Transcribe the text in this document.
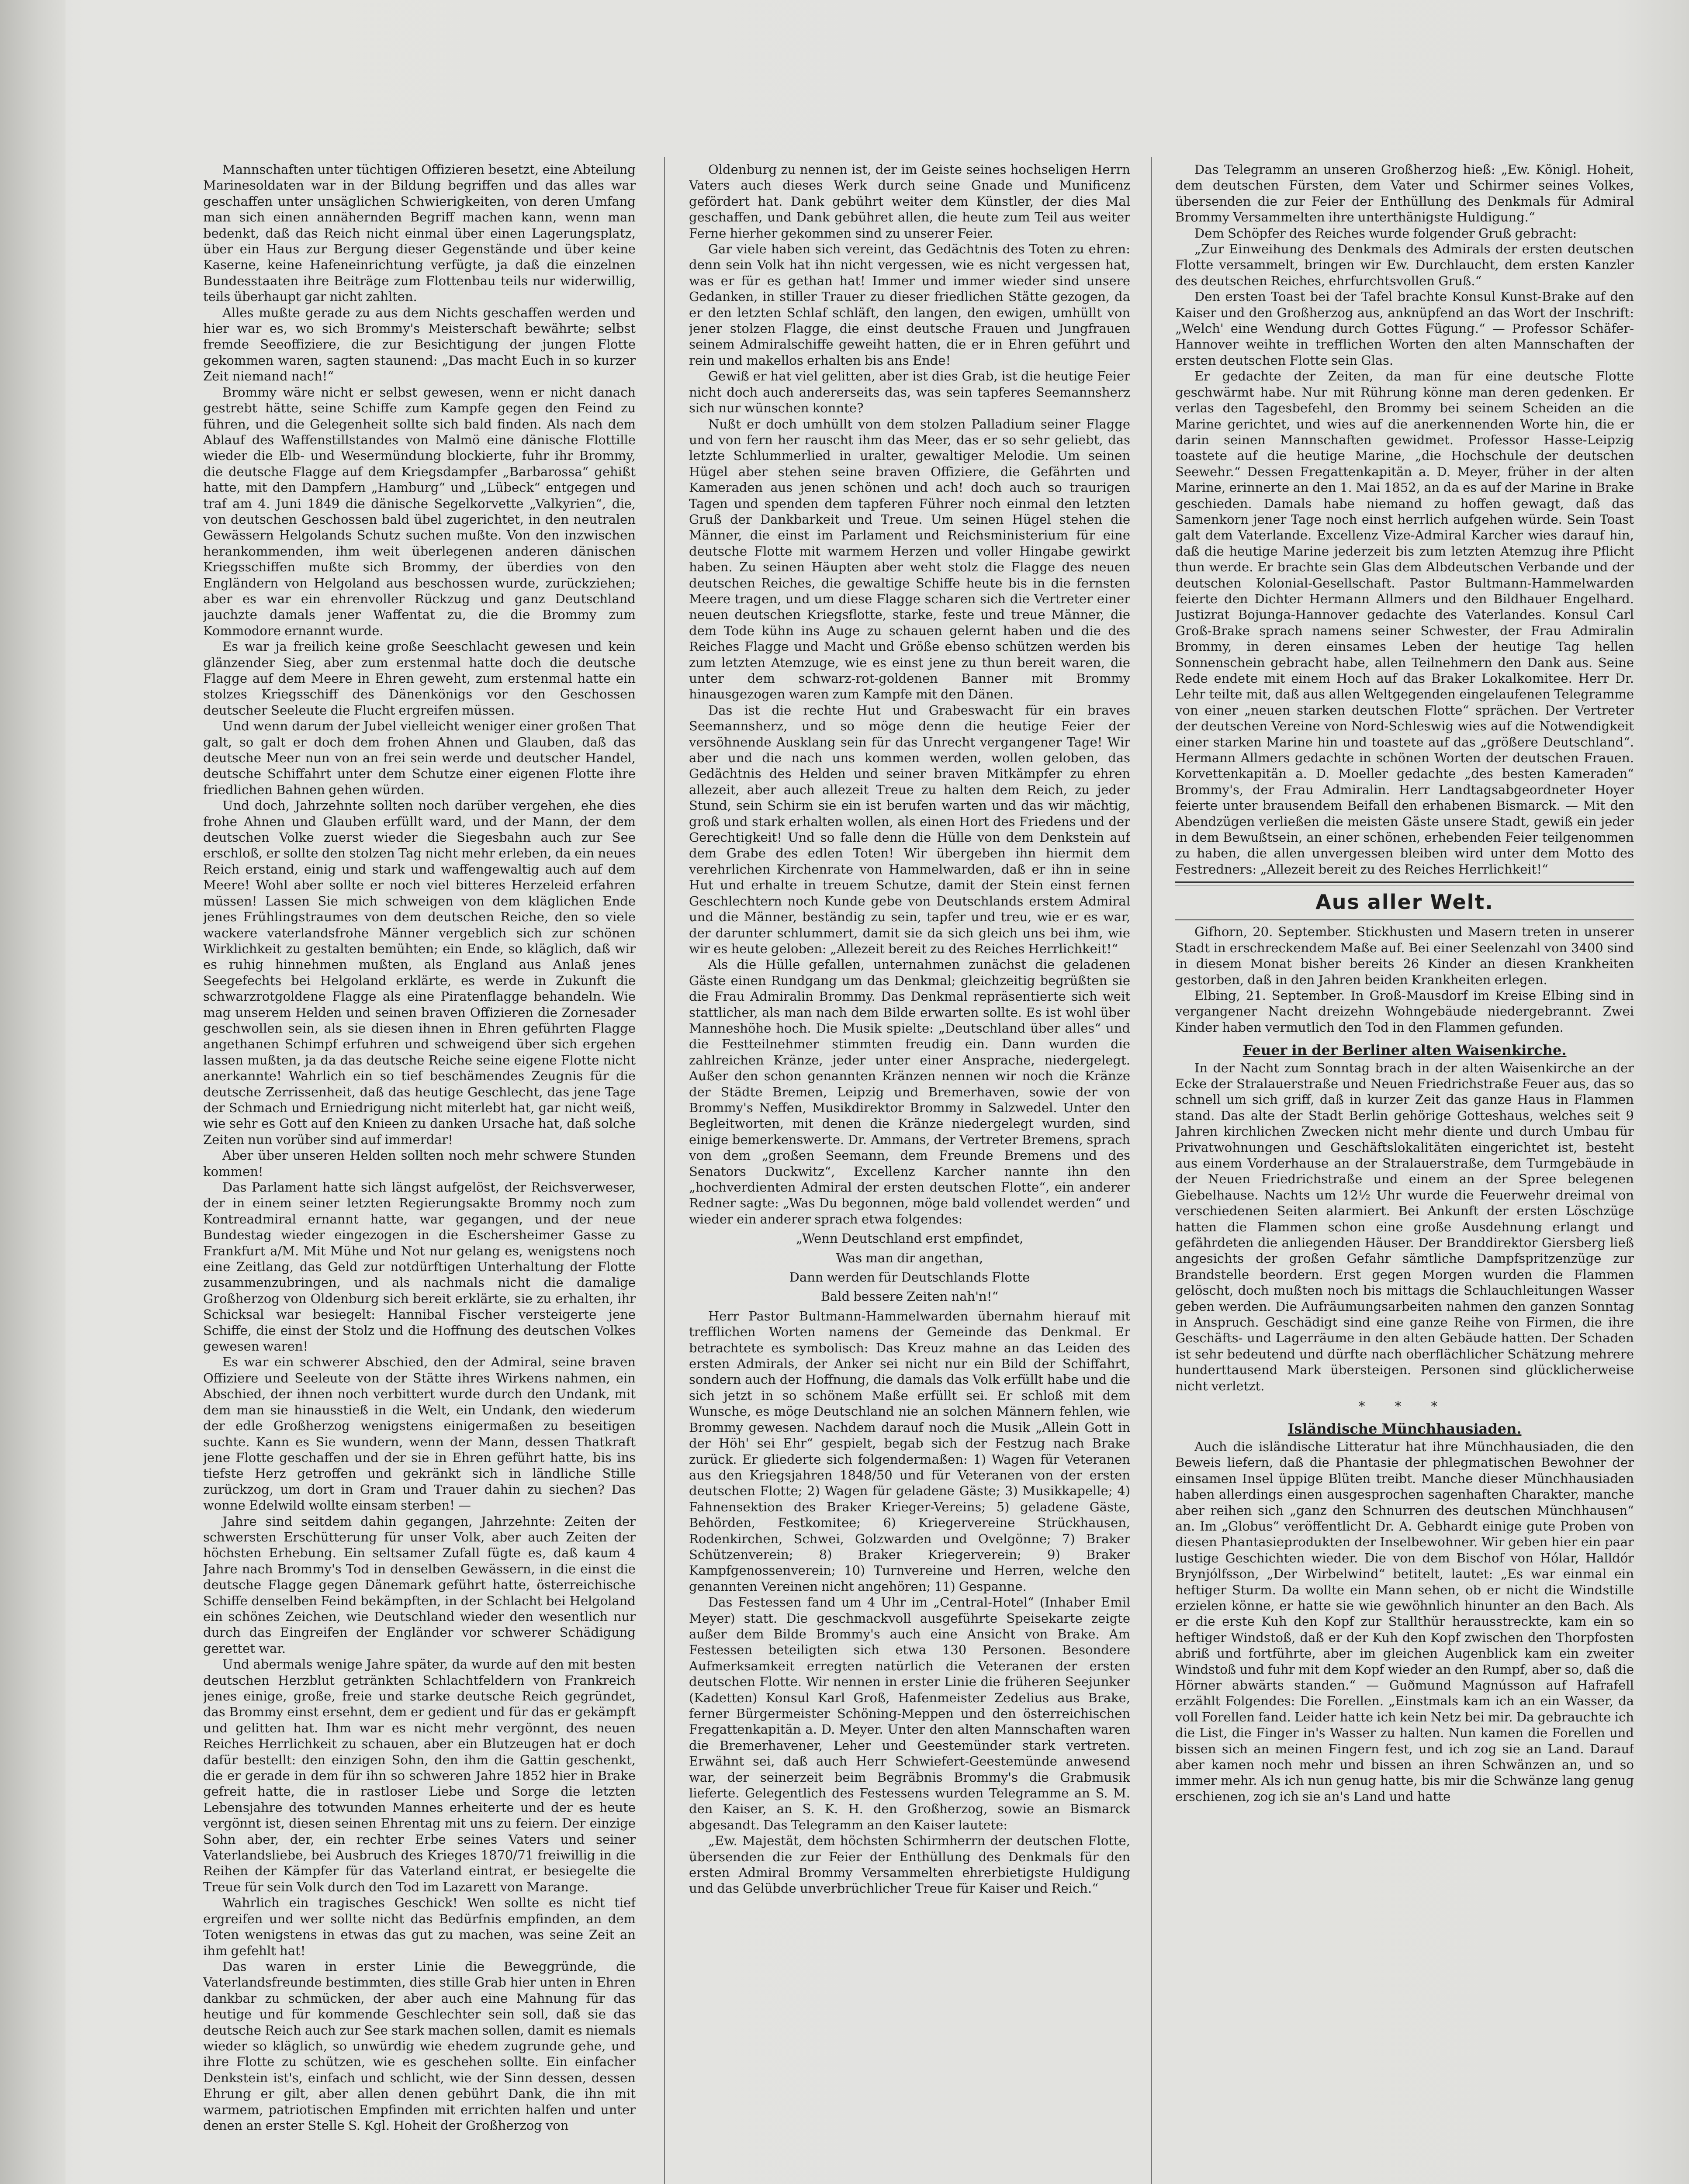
Mannschaften unter tüchtigen Offizieren besetzt, eine Abteilung Marinesoldaten war in der Bildung begriffen und das alles war geschaffen unter unsäglichen Schwierigkeiten, von deren Umfang man sich einen annähernden Begriff machen kann, wenn man bedenkt, daß das Reich nicht einmal über einen Lagerungsplatz, über ein Haus zur Bergung dieser Gegenstände und über keine Kaserne, keine Hafeneinrichtung verfügte, ja daß die einzelnen Bundesstaaten ihre Beiträge zum Flottenbau teils nur widerwillig, teils überhaupt gar nicht zahlten.

Alles mußte gerade zu aus dem Nichts geschaffen werden und hier war es, wo sich Brommy's Meisterschaft bewährte; selbst fremde Seeoffiziere, die zur Besichtigung der jungen Flotte gekommen waren, sagten staunend: „Das macht Euch in so kurzer Zeit niemand nach!“

Brommy wäre nicht er selbst gewesen, wenn er nicht danach gestrebt hätte, seine Schiffe zum Kampfe gegen den Feind zu führen, und die Gelegenheit sollte sich bald finden. Als nach dem Ablauf des Waffenstillstandes von Malmö eine dänische Flottille wieder die Elb- und Wesermündung blockierte, fuhr ihr Brommy, die deutsche Flagge auf dem Kriegsdampfer „Barbarossa“ gehißt hatte, mit den Dampfern „Hamburg“ und „Lübeck“ entgegen und traf am 4. Juni 1849 die dänische Segelkorvette „Valkyrien“, die, von deutschen Geschossen bald übel zugerichtet, in den neutralen Gewässern Helgolands Schutz suchen mußte. Von den inzwischen herankommenden, ihm weit überlegenen anderen dänischen Kriegsschiffen mußte sich Brommy, der überdies von den Engländern von Helgoland aus beschossen wurde, zurückziehen; aber es war ein ehrenvoller Rückzug und ganz Deutschland jauchzte damals jener Waffentat zu, die die Brommy zum Kommodore ernannt wurde.

Es war ja freilich keine große Seeschlacht gewesen und kein glänzender Sieg, aber zum erstenmal hatte doch die deutsche Flagge auf dem Meere in Ehren geweht, zum erstenmal hatte ein stolzes Kriegsschiff des Dänenkönigs vor den Geschossen deutscher Seeleute die Flucht ergreifen müssen.

Und wenn darum der Jubel vielleicht weniger einer großen That galt, so galt er doch dem frohen Ahnen und Glauben, daß das deutsche Meer nun von an frei sein werde und deutscher Handel, deutsche Schiffahrt unter dem Schutze einer eigenen Flotte ihre friedlichen Bahnen gehen würden.

Und doch, Jahrzehnte sollten noch darüber vergehen, ehe dies frohe Ahnen und Glauben erfüllt ward, und der Mann, der dem deutschen Volke zuerst wieder die Siegesbahn auch zur See erschloß, er sollte den stolzen Tag nicht mehr erleben, da ein neues Reich erstand, einig und stark und waffengewaltig auch auf dem Meere! Wohl aber sollte er noch viel bitteres Herzeleid erfahren müssen! Lassen Sie mich schweigen von dem kläglichen Ende jenes Frühlingstraumes von dem deutschen Reiche, den so viele wackere vaterlandsfrohe Männer vergeblich sich zur schönen Wirklichkeit zu gestalten bemühten; ein Ende, so kläglich, daß wir es ruhig hinnehmen mußten, als England aus Anlaß jenes Seegefechts bei Helgoland erklärte, es werde in Zukunft die schwarzrotgoldene Flagge als eine Piratenflagge behandeln. Wie mag unserem Helden und seinen braven Offizieren die Zornesader geschwollen sein, als sie diesen ihnen in Ehren geführten Flagge angethanen Schimpf erfuhren und schweigend über sich ergehen lassen mußten, ja da das deutsche Reiche seine eigene Flotte nicht anerkannte! Wahrlich ein so tief beschämendes Zeugnis für die deutsche Zerrissenheit, daß das heutige Geschlecht, das jene Tage der Schmach und Erniedrigung nicht miterlebt hat, gar nicht weiß, wie sehr es Gott auf den Knieen zu danken Ursache hat, daß solche Zeiten nun vorüber sind auf immerdar!

Aber über unseren Helden sollten noch mehr schwere Stunden kommen!

Das Parlament hatte sich längst aufgelöst, der Reichsverweser, der in einem seiner letzten Regierungsakte Brommy noch zum Kontreadmiral ernannt hatte, war gegangen, und der neue Bundestag wieder eingezogen in die Eschersheimer Gasse zu Frankfurt a/M. Mit Mühe und Not nur gelang es, wenigstens noch eine Zeitlang, das Geld zur notdürftigen Unterhaltung der Flotte zusammenzubringen, und als nachmals nicht die damalige Großherzog von Oldenburg sich bereit erklärte, sie zu erhalten, ihr Schicksal war besiegelt: Hannibal Fischer versteigerte jene Schiffe, die einst der Stolz und die Hoffnung des deutschen Volkes gewesen waren!

Es war ein schwerer Abschied, den der Admiral, seine braven Offiziere und Seeleute von der Stätte ihres Wirkens nahmen, ein Abschied, der ihnen noch verbittert wurde durch den Undank, mit dem man sie hinausstieß in die Welt, ein Undank, den wiederum der edle Großherzog wenigstens einigermaßen zu beseitigen suchte. Kann es Sie wundern, wenn der Mann, dessen Thatkraft jene Flotte geschaffen und der sie in Ehren geführt hatte, bis ins tiefste Herz getroffen und gekränkt sich in ländliche Stille zurückzog, um dort in Gram und Trauer dahin zu siechen? Das wonne Edelwild wollte einsam sterben! —

Jahre sind seitdem dahin gegangen, Jahrzehnte: Zeiten der schwersten Erschütterung für unser Volk, aber auch Zeiten der höchsten Erhebung. Ein seltsamer Zufall fügte es, daß kaum 4 Jahre nach Brommy's Tod in denselben Gewässern, in die einst die deutsche Flagge gegen Dänemark geführt hatte, österreichische Schiffe denselben Feind bekämpften, in der Schlacht bei Helgoland ein schönes Zeichen, wie Deutschland wieder den wesentlich nur durch das Eingreifen der Engländer vor schwerer Schädigung gerettet war.

Und abermals wenige Jahre später, da wurde auf den mit besten deutschen Herzblut getränkten Schlachtfeldern von Frankreich jenes einige, große, freie und starke deutsche Reich gegründet, das Brommy einst ersehnt, dem er gedient und für das er gekämpft und gelitten hat. Ihm war es nicht mehr vergönnt, des neuen Reiches Herrlichkeit zu schauen, aber ein Blutzeugen hat er doch dafür bestellt: den einzigen Sohn, den ihm die Gattin geschenkt, die er gerade in dem für ihn so schweren Jahre 1852 hier in Brake gefreit hatte, die in rastloser Liebe und Sorge die letzten Lebensjahre des totwunden Mannes erheiterte und der es heute vergönnt ist, diesen seinen Ehrentag mit uns zu feiern. Der einzige Sohn aber, der, ein rechter Erbe seines Vaters und seiner Vaterlandsliebe, bei Ausbruch des Krieges 1870/71 freiwillig in die Reihen der Kämpfer für das Vaterland eintrat, er besiegelte die Treue für sein Volk durch den Tod im Lazarett von Marange.

Wahrlich ein tragisches Geschick! Wen sollte es nicht tief ergreifen und wer sollte nicht das Bedürfnis empfinden, an dem Toten wenigstens in etwas das gut zu machen, was seine Zeit an ihm gefehlt hat!

Das waren in erster Linie die Beweggründe, die Vaterlandsfreunde bestimmten, dies stille Grab hier unten in Ehren dankbar zu schmücken, der aber auch eine Mahnung für das heutige und für kommende Geschlechter sein soll, daß sie das deutsche Reich auch zur See stark machen sollen, damit es niemals wieder so kläglich, so unwürdig wie ehedem zugrunde gehe, und ihre Flotte zu schützen, wie es geschehen sollte. Ein einfacher Denkstein ist's, einfach und schlicht, wie der Sinn dessen, dessen Ehrung er gilt, aber allen denen gebührt Dank, die ihn mit warmem, patriotischen Empfinden mit errichten halfen und unter denen an erster Stelle S. Kgl. Hoheit der Großherzog von

Oldenburg zu nennen ist, der im Geiste seines hochseligen Herrn Vaters auch dieses Werk durch seine Gnade und Munificenz gefördert hat. Dank gebührt weiter dem Künstler, der dies Mal geschaffen, und Dank gebühret allen, die heute zum Teil aus weiter Ferne hierher gekommen sind zu unserer Feier.

Gar viele haben sich vereint, das Gedächtnis des Toten zu ehren: denn sein Volk hat ihn nicht vergessen, wie es nicht vergessen hat, was er für es gethan hat! Immer und immer wieder sind unsere Gedanken, in stiller Trauer zu dieser friedlichen Stätte gezogen, da er den letzten Schlaf schläft, den langen, den ewigen, umhüllt von jener stolzen Flagge, die einst deutsche Frauen und Jungfrauen seinem Admiralschiffe geweiht hatten, die er in Ehren geführt und rein und makellos erhalten bis ans Ende!

Gewiß er hat viel gelitten, aber ist dies Grab, ist die heutige Feier nicht doch auch andererseits das, was sein tapferes Seemannsherz sich nur wünschen konnte?

Nußt er doch umhüllt von dem stolzen Palladium seiner Flagge und von fern her rauscht ihm das Meer, das er so sehr geliebt, das letzte Schlummerlied in uralter, gewaltiger Melodie. Um seinen Hügel aber stehen seine braven Offiziere, die Gefährten und Kameraden aus jenen schönen und ach! doch auch so traurigen Tagen und spenden dem tapferen Führer noch einmal den letzten Gruß der Dankbarkeit und Treue. Um seinen Hügel stehen die Männer, die einst im Parlament und Reichsministerium für eine deutsche Flotte mit warmem Herzen und voller Hingabe gewirkt haben. Zu seinen Häupten aber weht stolz die Flagge des neuen deutschen Reiches, die gewaltige Schiffe heute bis in die fernsten Meere tragen, und um diese Flagge scharen sich die Vertreter einer neuen deutschen Kriegsflotte, starke, feste und treue Männer, die dem Tode kühn ins Auge zu schauen gelernt haben und die des Reiches Flagge und Macht und Größe ebenso schützen werden bis zum letzten Atemzuge, wie es einst jene zu thun bereit waren, die unter dem schwarz-rot-goldenen Banner mit Brommy hinausgezogen waren zum Kampfe mit den Dänen.

Das ist die rechte Hut und Grabeswacht für ein braves Seemannsherz, und so möge denn die heutige Feier der versöhnende Ausklang sein für das Unrecht vergangener Tage! Wir aber und die nach uns kommen werden, wollen geloben, das Gedächtnis des Helden und seiner braven Mitkämpfer zu ehren allezeit, aber auch allezeit Treue zu halten dem Reich, zu jeder Stund, sein Schirm sie ein ist berufen warten und das wir mächtig, groß und stark erhalten wollen, als einen Hort des Friedens und der Gerechtigkeit! Und so falle denn die Hülle von dem Denkstein auf dem Grabe des edlen Toten! Wir übergeben ihn hiermit dem verehrlichen Kirchenrate von Hammelwarden, daß er ihn in seine Hut und erhalte in treuem Schutze, damit der Stein einst fernen Geschlechtern noch Kunde gebe von Deutschlands erstem Admiral und die Männer, beständig zu sein, tapfer und treu, wie er es war, der darunter schlummert, damit sie da sich gleich uns bei ihm, wie wir es heute geloben: „Allezeit bereit zu des Reiches Herrlichkeit!“

Als die Hülle gefallen, unternahmen zunächst die geladenen Gäste einen Rundgang um das Denkmal; gleichzeitig begrüßten sie die Frau Admiralin Brommy. Das Denkmal repräsentierte sich weit stattlicher, als man nach dem Bilde erwarten sollte. Es ist wohl über Manneshöhe hoch. Die Musik spielte: „Deutschland über alles“ und die Festteilnehmer stimmten freudig ein. Dann wurden die zahlreichen Kränze, jeder unter einer Ansprache, niedergelegt. Außer den schon genannten Kränzen nennen wir noch die Kränze der Städte Bremen, Leipzig und Bremerhaven, sowie der von Brommy's Neffen, Musikdirektor Brommy in Salzwedel. Unter den Begleitworten, mit denen die Kränze niedergelegt wurden, sind einige bemerkenswerte. Dr. Ammans, der Vertreter Bremens, sprach von dem „großen Seemann, dem Freunde Bremens und des Senators Duckwitz“, Excellenz Karcher nannte ihn den „hochverdienten Admiral der ersten deutschen Flotte“, ein anderer Redner sagte: „Was Du begonnen, möge bald vollendet werden“ und wieder ein anderer sprach etwa folgendes:

„Wenn Deutschland erst empfindet,

Was man dir angethan,

Dann werden für Deutschlands Flotte

Bald bessere Zeiten nah'n!“

Herr Pastor Bultmann-Hammelwarden übernahm hierauf mit trefflichen Worten namens der Gemeinde das Denkmal. Er betrachtete es symbolisch: Das Kreuz mahne an das Leiden des ersten Admirals, der Anker sei nicht nur ein Bild der Schiffahrt, sondern auch der Hoffnung, die damals das Volk erfüllt habe und die sich jetzt in so schönem Maße erfüllt sei. Er schloß mit dem Wunsche, es möge Deutschland nie an solchen Männern fehlen, wie Brommy gewesen. Nachdem darauf noch die Musik „Allein Gott in der Höh' sei Ehr“ gespielt, begab sich der Festzug nach Brake zurück. Er gliederte sich folgendermaßen: 1) Wagen für Veteranen aus den Kriegsjahren 1848/50 und für Veteranen von der ersten deutschen Flotte; 2) Wagen für geladene Gäste; 3) Musikkapelle; 4) Fahnensektion des Braker Krieger-Vereins; 5) geladene Gäste, Behörden, Festkomitee; 6) Kriegervereine Strückhausen, Rodenkirchen, Schwei, Golzwarden und Ovelgönne; 7) Braker Schützenverein; 8) Braker Kriegerverein; 9) Braker Kampfgenossenverein; 10) Turnvereine und Herren, welche den genannten Vereinen nicht angehören; 11) Gespanne.

Das Festessen fand um 4 Uhr im „Central-Hotel“ (Inhaber Emil Meyer) statt. Die geschmackvoll ausgeführte Speisekarte zeigte außer dem Bilde Brommy's auch eine Ansicht von Brake. Am Festessen beteiligten sich etwa 130 Personen. Besondere Aufmerksamkeit erregten natürlich die Veteranen der ersten deutschen Flotte. Wir nennen in erster Linie die früheren Seejunker (Kadetten) Konsul Karl Groß, Hafenmeister Zedelius aus Brake, ferner Bürgermeister Schöning-Meppen und den österreichischen Fregattenkapitän a. D. Meyer. Unter den alten Mannschaften waren die Bremerhavener, Leher und Geestemünder stark vertreten. Erwähnt sei, daß auch Herr Schwiefert-Geestemünde anwesend war, der seinerzeit beim Begräbnis Brommy's die Grabmusik lieferte. Gelegentlich des Festessens wurden Telegramme an S. M. den Kaiser, an S. K. H. den Großherzog, sowie an Bismarck abgesandt. Das Telegramm an den Kaiser lautete:

„Ew. Majestät, dem höchsten Schirmherrn der deutschen Flotte, übersenden die zur Feier der Enthüllung des Denkmals für den ersten Admiral Brommy Versammelten ehrerbietigste Huldigung und das Gelübde unverbrüchlicher Treue für Kaiser und Reich.“

Das Telegramm an unseren Großherzog hieß: „Ew. Königl. Hoheit, dem deutschen Fürsten, dem Vater und Schirmer seines Volkes, übersenden die zur Feier der Enthüllung des Denkmals für Admiral Brommy Versammelten ihre unterthänigste Huldigung.“

Dem Schöpfer des Reiches wurde folgender Gruß gebracht:

„Zur Einweihung des Denkmals des Admirals der ersten deutschen Flotte versammelt, bringen wir Ew. Durchlaucht, dem ersten Kanzler des deutschen Reiches, ehrfurchtsvollen Gruß.“

Den ersten Toast bei der Tafel brachte Konsul Kunst-Brake auf den Kaiser und den Großherzog aus, anknüpfend an das Wort der Inschrift: „Welch' eine Wendung durch Gottes Fügung.“ — Professor Schäfer-Hannover weihte in trefflichen Worten den alten Mannschaften der ersten deutschen Flotte sein Glas.

Er gedachte der Zeiten, da man für eine deutsche Flotte geschwärmt habe. Nur mit Rührung könne man deren gedenken. Er verlas den Tagesbefehl, den Brommy bei seinem Scheiden an die Marine gerichtet, und wies auf die anerkennenden Worte hin, die er darin seinen Mannschaften gewidmet. Professor Hasse-Leipzig toastete auf die heutige Marine, „die Hochschule der deutschen Seewehr.“ Dessen Fregattenkapitän a. D. Meyer, früher in der alten Marine, erinnerte an den 1. Mai 1852, an da es auf der Marine in Brake geschieden. Damals habe niemand zu hoffen gewagt, daß das Samenkorn jener Tage noch einst herrlich aufgehen würde. Sein Toast galt dem Vaterlande. Excellenz Vize-Admiral Karcher wies darauf hin, daß die heutige Marine jederzeit bis zum letzten Atemzug ihre Pflicht thun werde. Er brachte sein Glas dem Albdeutschen Verbande und der deutschen Kolonial-Gesellschaft. Pastor Bultmann-Hammelwarden feierte den Dichter Hermann Allmers und den Bildhauer Engelhard. Justizrat Bojunga-Hannover gedachte des Vaterlandes. Konsul Carl Groß-Brake sprach namens seiner Schwester, der Frau Admiralin Brommy, in deren einsames Leben der heutige Tag hellen Sonnenschein gebracht habe, allen Teilnehmern den Dank aus. Seine Rede endete mit einem Hoch auf das Braker Lokalkomitee. Herr Dr. Lehr teilte mit, daß aus allen Weltgegenden eingelaufenen Telegramme von einer „neuen starken deutschen Flotte“ sprächen. Der Vertreter der deutschen Vereine von Nord-Schleswig wies auf die Notwendigkeit einer starken Marine hin und toastete auf das „größere Deutschland“. Hermann Allmers gedachte in schönen Worten der deutschen Frauen. Korvettenkapitän a. D. Moeller gedachte „des besten Kameraden“ Brommy's, der Frau Admiralin. Herr Landtagsabgeordneter Hoyer feierte unter brausendem Beifall den erhabenen Bismarck. — Mit den Abendzügen verließen die meisten Gäste unsere Stadt, gewiß ein jeder in dem Bewußtsein, an einer schönen, erhebenden Feier teilgenommen zu haben, die allen unvergessen bleiben wird unter dem Motto des Festredners: „Allezeit bereit zu des Reiches Herrlichkeit!“

Aus aller Welt.

Gifhorn, 20. September. Stickhusten und Masern treten in unserer Stadt in erschreckendem Maße auf. Bei einer Seelenzahl von 3400 sind in diesem Monat bisher bereits 26 Kinder an diesen Krankheiten gestorben, daß in den Jahren beiden Krankheiten erlegen.

Elbing, 21. September. In Groß-Mausdorf im Kreise Elbing sind in vergangener Nacht dreizehn Wohngebäude niedergebrannt. Zwei Kinder haben vermutlich den Tod in den Flammen gefunden.

Feuer in der Berliner alten Waisenkirche.

In der Nacht zum Sonntag brach in der alten Waisenkirche an der Ecke der Stralauerstraße und Neuen Friedrichstraße Feuer aus, das so schnell um sich griff, daß in kurzer Zeit das ganze Haus in Flammen stand. Das alte der Stadt Berlin gehörige Gotteshaus, welches seit 9 Jahren kirchlichen Zwecken nicht mehr diente und durch Umbau für Privatwohnungen und Geschäftslokalitäten eingerichtet ist, besteht aus einem Vorderhause an der Stralauerstraße, dem Turmgebäude in der Neuen Friedrichstraße und einem an der Spree belegenen Giebelhause. Nachts um 12½ Uhr wurde die Feuerwehr dreimal von verschiedenen Seiten alarmiert. Bei Ankunft der ersten Löschzüge hatten die Flammen schon eine große Ausdehnung erlangt und gefährdeten die anliegenden Häuser. Der Branddirektor Giersberg ließ angesichts der großen Gefahr sämtliche Dampfspritzenzüge zur Brandstelle beordern. Erst gegen Morgen wurden die Flammen gelöscht, doch mußten noch bis mittags die Schlauchleitungen Wasser geben werden. Die Aufräumungsarbeiten nahmen den ganzen Sonntag in Anspruch. Geschädigt sind eine ganze Reihe von Firmen, die ihre Geschäfts- und Lagerräume in den alten Gebäude hatten. Der Schaden ist sehr bedeutend und dürfte nach oberflächlicher Schätzung mehrere hunderttausend Mark übersteigen. Personen sind glücklicherweise nicht verletzt.

* * *

Isländische Münchhausiaden.

Auch die isländische Litteratur hat ihre Münchhausiaden, die den Beweis liefern, daß die Phantasie der phlegmatischen Bewohner der einsamen Insel üppige Blüten treibt. Manche dieser Münchhausiaden haben allerdings einen ausgesprochen sagenhaften Charakter, manche aber reihen sich „ganz den Schnurren des deutschen Münchhausen“ an. Im „Globus“ veröffentlicht Dr. A. Gebhardt einige gute Proben von diesen Phantasieprodukten der Inselbewohner. Wir geben hier ein paar lustige Geschichten wieder. Die von dem Bischof von Hólar, Halldór Brynjólfsson, „Der Wirbelwind“ betitelt, lautet: „Es war einmal ein heftiger Sturm. Da wollte ein Mann sehen, ob er nicht die Windstille erzielen könne, er hatte sie wie gewöhnlich hinunter an den Bach. Als er die erste Kuh den Kopf zur Stallthür herausstreckte, kam ein so heftiger Windstoß, daß er der Kuh den Kopf zwischen den Thorpfosten abriß und fortführte, aber im gleichen Augenblick kam ein zweiter Windstoß und fuhr mit dem Kopf wieder an den Rumpf, aber so, daß die Hörner abwärts standen.“ — Guðmund Magnússon auf Hafrafell erzählt Folgendes: Die Forellen. „Einstmals kam ich an ein Wasser, da voll Forellen fand. Leider hatte ich kein Netz bei mir. Da gebrauchte ich die List, die Finger in's Wasser zu halten. Nun kamen die Forellen und bissen sich an meinen Fingern fest, und ich zog sie an Land. Darauf aber kamen noch mehr und bissen an ihren Schwänzen an, und so immer mehr. Als ich nun genug hatte, bis mir die Schwänze lang genug erschienen, zog ich sie an's Land und hatte
